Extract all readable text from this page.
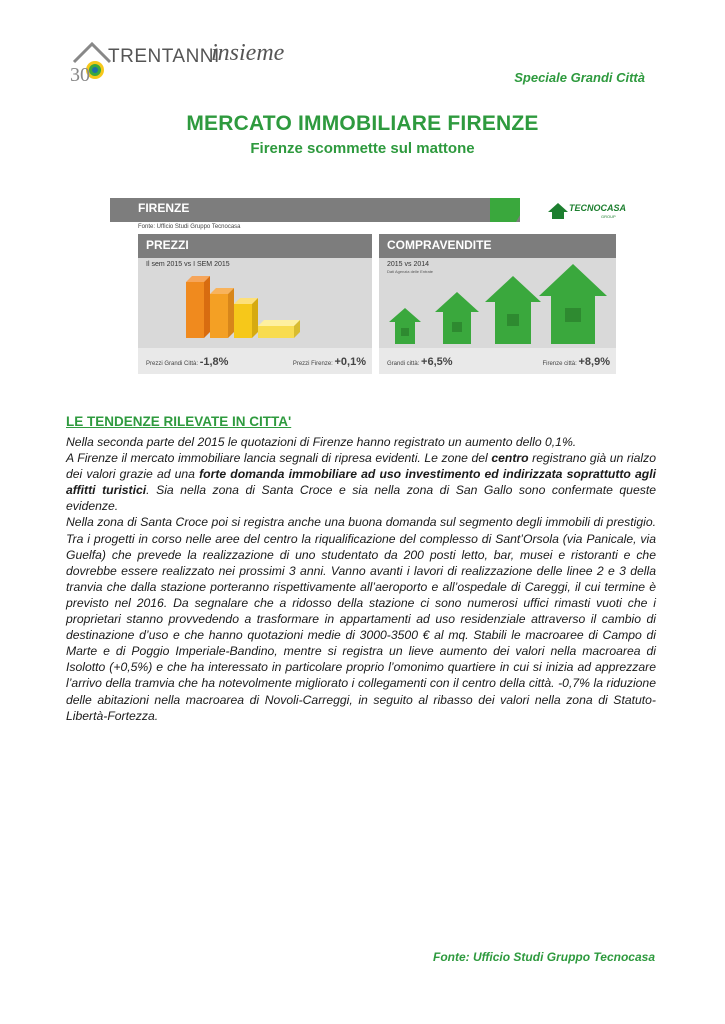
30
TRENTANNI
insieme
Speciale Grandi Città
MERCATO IMMOBILIARE FIRENZE
Firenze scommette sul mattone
FIRENZE
Fonte: Ufficio Studi Gruppo Tecnocasa
TECNOCASA
GROUP
PREZZI
Il sem 2015 vs I SEM 2015
Prezzi Grandi Città: -1,8%	Prezzi Firenze: +0,1%
COMPRAVENDITE
2015 vs 2014
Dati Agenzia delle Entrate
Grandi città: +6,5%	Firenze città: +8,9%
LE TENDENZE RILEVATE IN CITTA'

Nella seconda parte del 2015 le quotazioni di Firenze hanno registrato un aumento dello 0,1%.

A Firenze il mercato immobiliare lancia segnali di ripresa evidenti. Le zone del centro registrano già un rialzo dei valori grazie ad una forte domanda immobiliare ad uso investimento ed indirizzata soprattutto agli affitti turistici. Sia nella zona di Santa Croce e sia nella zona di San Gallo sono confermate queste evidenze.

Nella zona di Santa Croce poi si registra anche una buona domanda sul segmento degli immobili di prestigio. Tra i progetti in corso nelle aree del centro la riqualificazione del complesso di Sant’Orsola (via Panicale, via Guelfa) che prevede la realizzazione di uno studentato da 200 posti letto, bar, musei e ristoranti e che dovrebbe essere realizzato nei prossimi 3 anni. Vanno avanti i lavori di realizzazione delle linee 2 e 3 della tranvia che dalla stazione porteranno rispettivamente all’aeroporto e all’ospedale di Careggi, il cui termine è previsto nel 2016. Da segnalare che a ridosso della stazione ci sono numerosi uffici rimasti vuoti che i proprietari stanno provvedendo a trasformare in appartamenti ad uso residenziale attraverso il cambio di destinazione d’uso e che hanno quotazioni medie di 3000-3500 € al mq. Stabili le macroaree di Campo di Marte e di Poggio Imperiale-Bandino, mentre si registra un lieve aumento dei valori nella macroarea di Isolotto (+0,5%) e che ha interessato in particolare proprio l’omonimo quartiere in cui si inizia ad apprezzare l’arrivo della tramvia che ha notevolmente migliorato i collegamenti con il centro della città. -0,7% la riduzione delle abitazioni nella macroarea di Novoli-Carreggi, in seguito al ribasso dei valori nella zona di Statuto-Libertà-Fortezza.

Fonte: Ufficio Studi Gruppo Tecnocasa
